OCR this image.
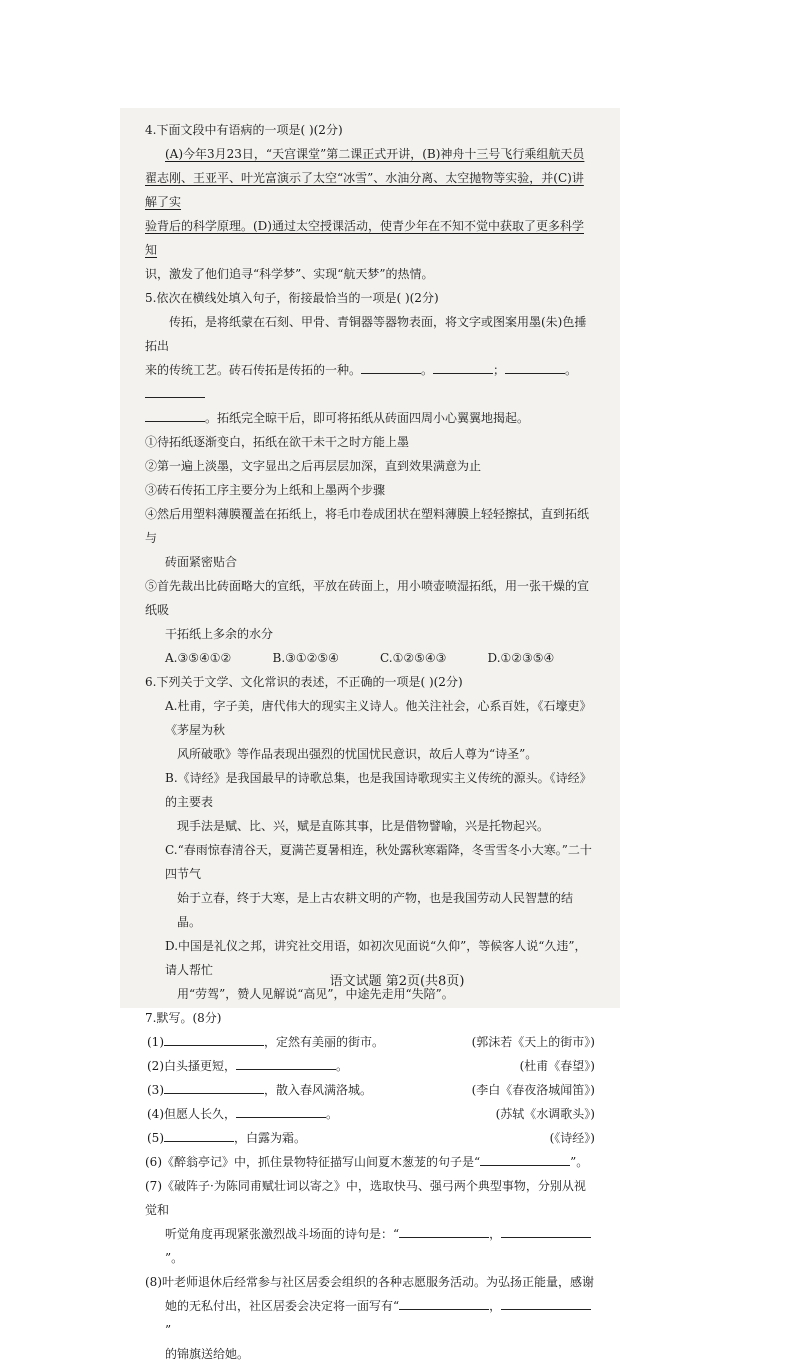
4.下面文段中有语病的一项是( )(2分)

(A)今年3月23日，“天宫课堂”第二课正式开讲，(B)神舟十三号飞行乘组航天员

翟志刚、王亚平、叶光富演示了太空“冰雪”、水油分离、太空抛物等实验，并(C)讲解了实

验背后的科学原理。(D)通过太空授课活动，使青少年在不知不觉中获取了更多科学知

识，激发了他们追寻“科学梦”、实现“航天梦”的热情。

5.依次在横线处填入句子，衔接最恰当的一项是( )(2分)

传拓，是将纸蒙在石刻、甲骨、青铜器等器物表面，将文字或图案用墨(朱)色捶拓出

来的传统工艺。砖石传拓是传拓的一种。	。	；	。

。拓纸完全晾干后，即可将拓纸从砖面四周小心翼翼地揭起。

①待拓纸逐渐变白，拓纸在欲干未干之时方能上墨

②第一遍上淡墨，文字显出之后再层层加深，直到效果满意为止

③砖石传拓工序主要分为上纸和上墨两个步骤

④然后用塑料薄膜覆盖在拓纸上，将毛巾卷成团状在塑料薄膜上轻轻擦拭，直到拓纸与

砖面紧密贴合

⑤首先裁出比砖面略大的宣纸，平放在砖面上，用小喷壶喷湿拓纸，用一张干燥的宣纸吸

干拓纸上多余的水分

A.③⑤④①②	B.③①②⑤④	C.①②⑤④③	D.①②③⑤④

6.下列关于文学、文化常识的表述，不正确的一项是( )(2分)

A.杜甫，字子美，唐代伟大的现实主义诗人。他关注社会，心系百姓，《石壕吏》《茅屋为秋

风所破歌》等作品表现出强烈的忧国忧民意识，故后人尊为“诗圣”。

B.《诗经》是我国最早的诗歌总集，也是我国诗歌现实主义传统的源头。《诗经》的主要表

现手法是赋、比、兴，赋是直陈其事，比是借物譬喻，兴是托物起兴。

C.“春雨惊春清谷天，夏满芒夏暑相连，秋处露秋寒霜降，冬雪雪冬小大寒。”二十四节气

始于立春，终于大寒，是上古农耕文明的产物，也是我国劳动人民智慧的结晶。

D.中国是礼仪之邦，讲究社交用语，如初次见面说“久仰”，等候客人说“久违”，请人帮忙

用“劳驾”，赞人见解说“高见”，中途先走用“失陪”。

7.默写。(8分)

(1)	，定然有美丽的街市。	(郭沫若《天上的街市》)
(2)白头搔更短，	。	(杜甫《春望》)
(3)	，散入春风满洛城。	(李白《春夜洛城闻笛》)
(4)但愿人长久，	。	(苏轼《水调歌头》)
(5)	，白露为霜。	(《诗经》)

(6)《醉翁亭记》中，抓住景物特征描写山间夏木葱茏的句子是“	”。

(7)《破阵子·为陈同甫赋壮词以寄之》中，选取快马、强弓两个典型事物，分别从视觉和

听觉角度再现紧张激烈战斗场面的诗句是：“	，”。

(8)叶老师退休后经常参与社区居委会组织的各种志愿服务活动。为弘扬正能量，感谢

她的无私付出，社区居委会决定将一面写有“	，”

的锦旗送给她。

语文试题 第2页(共8页)
